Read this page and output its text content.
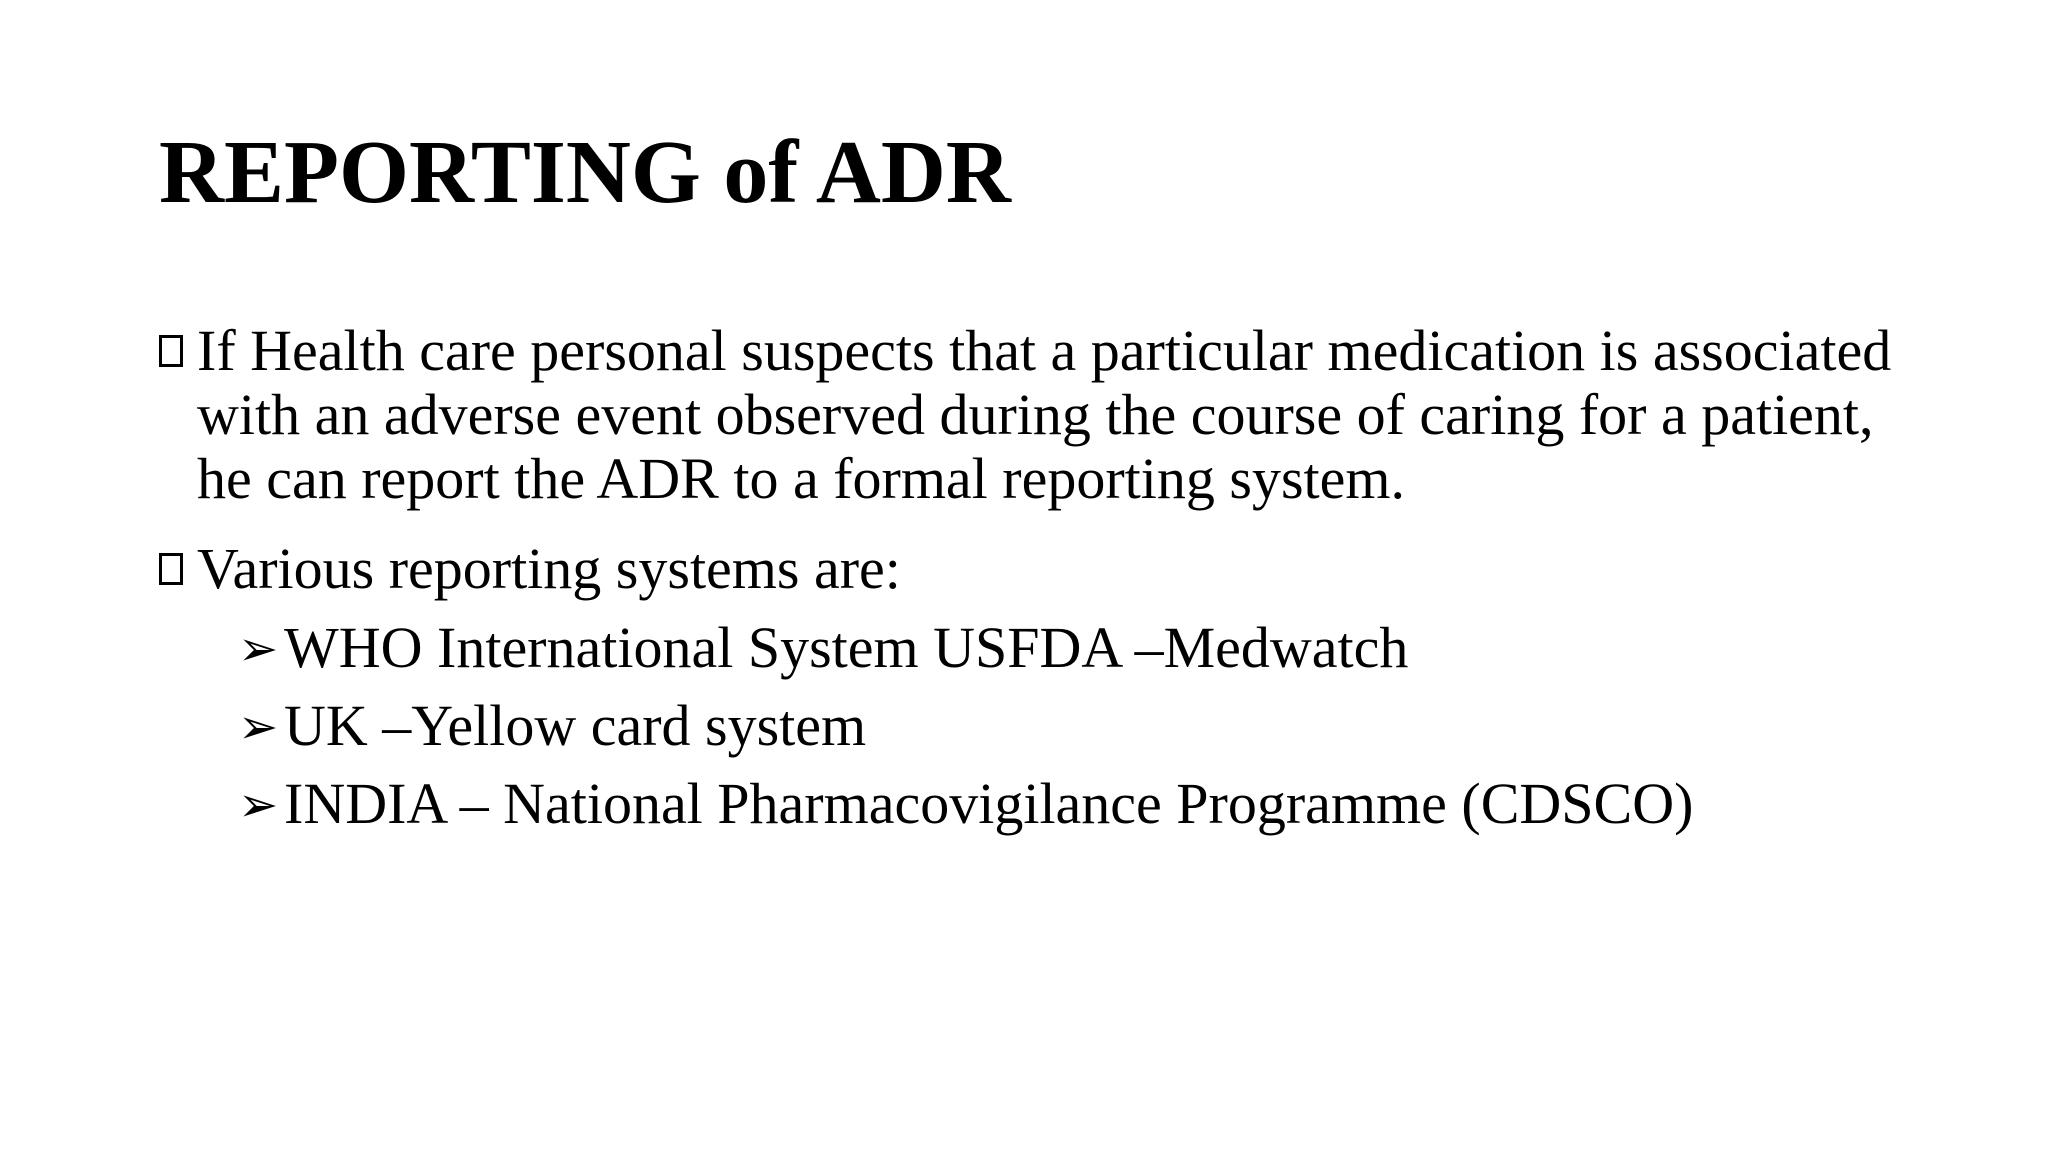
REPORTING of ADR
If Health care personal suspects that a particular medication is associated with an adverse event observed during the course of caring for a patient, he can report the ADR to a formal reporting system.
Various reporting systems are:
➢WHO International System USFDA –Medwatch
➢UK –Yellow card system
➢INDIA – National Pharmacovigilance Programme (CDSCO)
